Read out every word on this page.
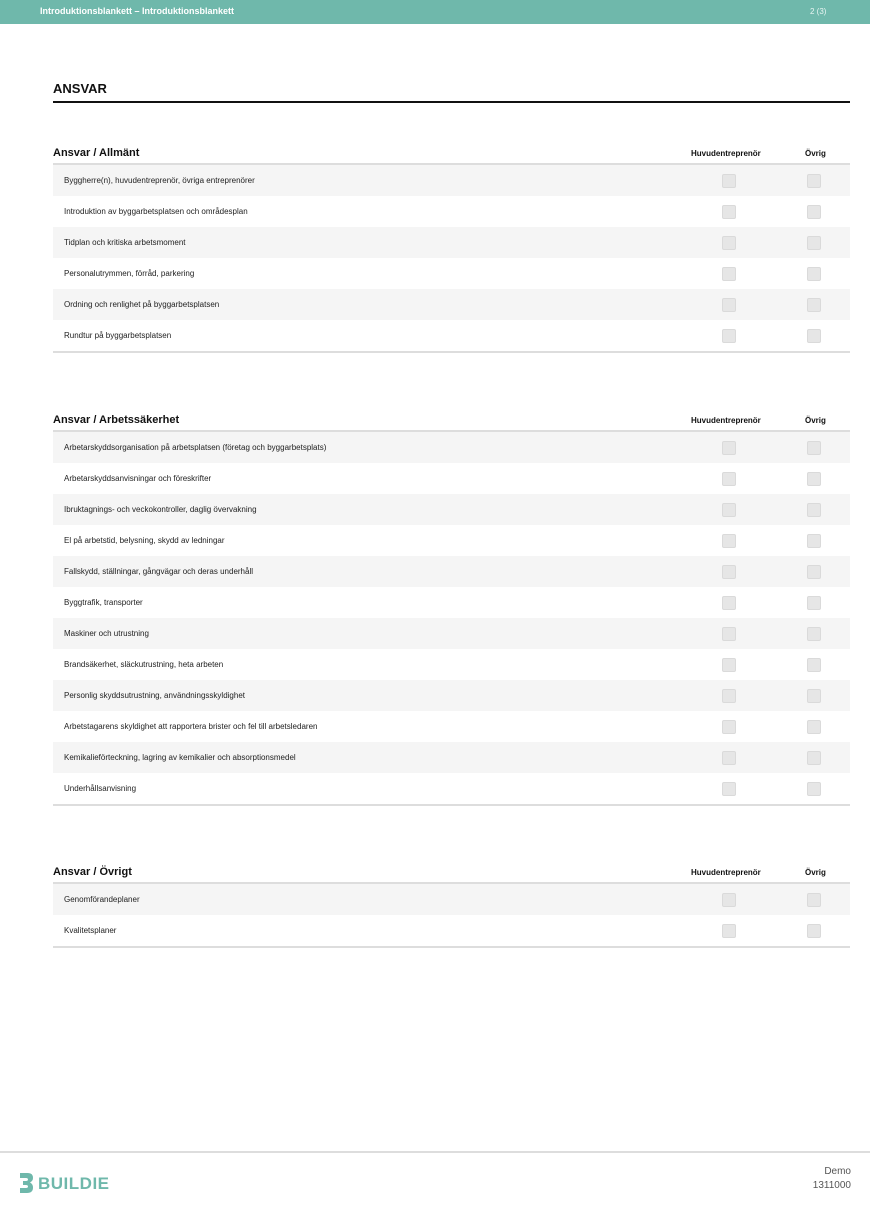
Introduktionsblankett – Introduktionsblankett	2 (3)
ANSVAR
Ansvar / Allmänt	Huvudentreprenör	Övrig
Byggherre(n), huvudentreprenör, övriga entreprenörer
Introduktion av byggarbetsplatsen och områdesplan
Tidplan och kritiska arbetsmoment
Personalutrymmen, förråd, parkering
Ordning och renlighet på byggarbetsplatsen
Rundtur på byggarbetsplatsen
Ansvar / Arbetssäkerhet	Huvudentreprenör	Övrig
Arbetarskyddsorganisation på arbetsplatsen (företag och byggarbetsplats)
Arbetarskyddsanvisningar och föreskrifter
Ibruktagnings- och veckokontroller, daglig övervakning
El på arbetstid, belysning, skydd av ledningar
Fallskydd, ställningar, gångvägar och deras underhåll
Byggtrafik, transporter
Maskiner och utrustning
Brandsäkerhet, släckutrustning, heta arbeten
Personlig skyddsutrustning, användningsskyldighet
Arbetstagarens skyldighet att rapportera brister och fel till arbetsledaren
Kemikalieförteckning, lagring av kemikalier och absorptionsmedel
Underhållsanvisning
Ansvar / Övrigt	Huvudentreprenör	Övrig
Genomförandeplaner
Kvalitetsplaner
BUILDIE
Demo
1311000
